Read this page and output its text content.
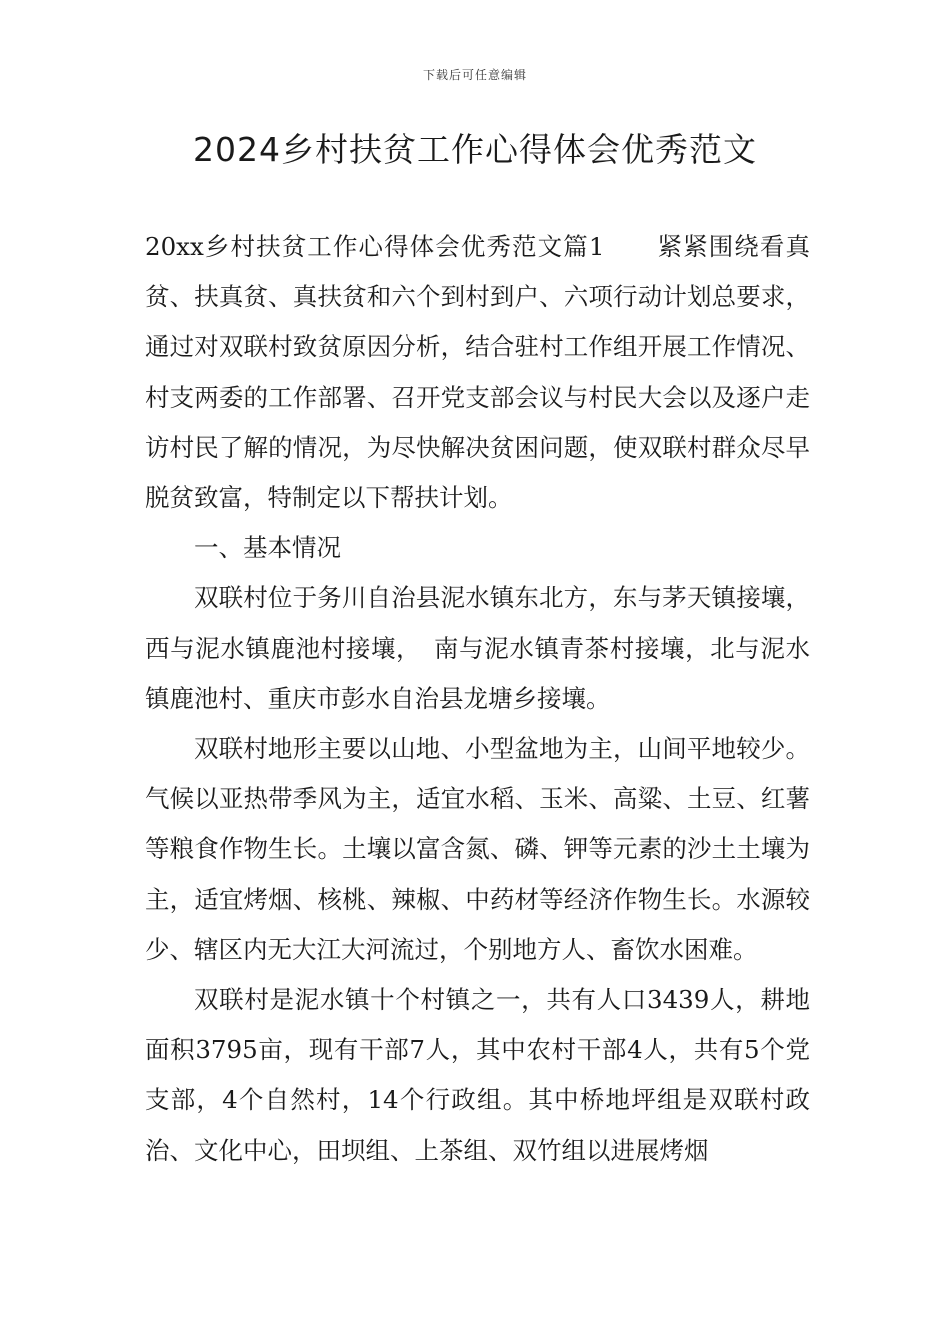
下载后可任意编辑
2024乡村扶贫工作心得体会优秀范文

20xx乡村扶贫工作心得体会优秀范文篇1 紧紧围绕看真贫、扶真贫、真扶贫和六个到村到户、六项行动计划总要求，通过对双联村致贫原因分析，结合驻村工作组开展工作情况、村支两委的工作部署、召开党支部会议与村民大会以及逐户走访村民了解的情况，为尽快解决贫困问题，使双联村群众尽早脱贫致富，特制定以下帮扶计划。

一、基本情况

双联村位于务川自治县泥水镇东北方，东与茅天镇接壤，西与泥水镇鹿池村接壤，　南与泥水镇青茶村接壤，北与泥水镇鹿池村、重庆市彭水自治县龙塘乡接壤。

双联村地形主要以山地、小型盆地为主，山间平地较少。气候以亚热带季风为主，适宜水稻、玉米、高粱、土豆、红薯等粮食作物生长。土壤以富含氮、磷、钾等元素的沙土土壤为主，适宜烤烟、核桃、辣椒、中药材等经济作物生长。水源较少、辖区内无大江大河流过，个别地方人、畜饮水困难。

双联村是泥水镇十个村镇之一，共有人口3439人，耕地面积3795亩，现有干部7人，其中农村干部4人，共有5个党支部，4个自然村，14个行政组。其中桥地坪组是双联村政治、文化中心，田坝组、上茶组、双竹组以进展烤烟
